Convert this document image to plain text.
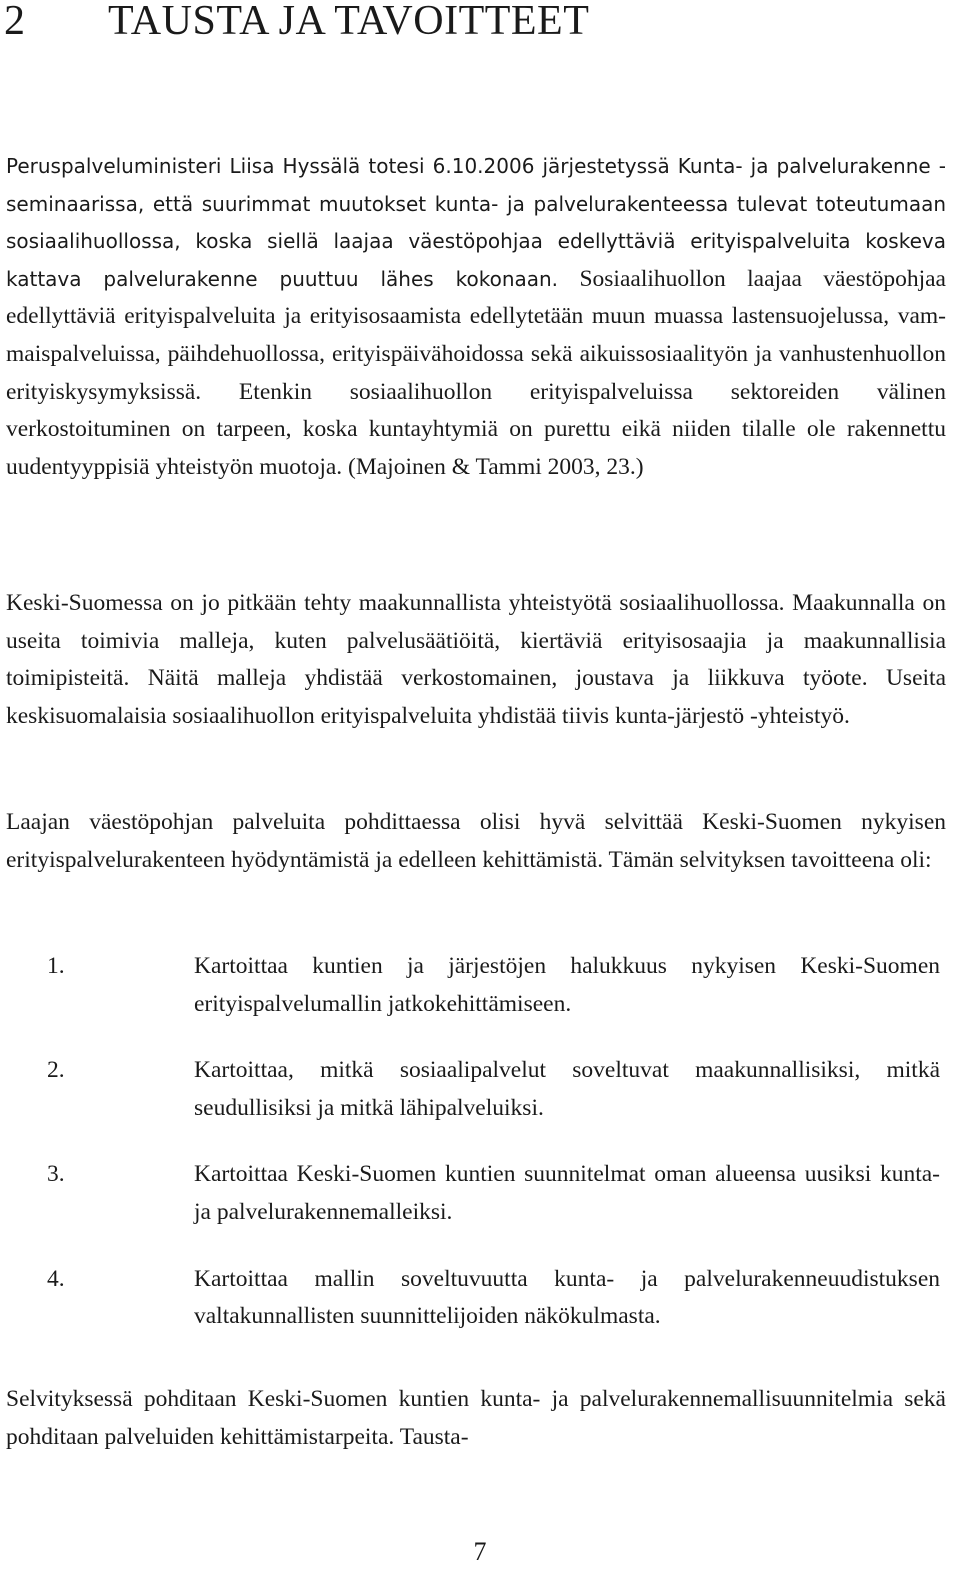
2 TAUSTA JA TAVOITTEET

Peruspalveluministeri Liisa Hyssälä totesi 6.10.2006 järjestetyssä Kunta- ja palvelurakenne -seminaarissa, että suurimmat muutokset kunta- ja palvelurakenteessa tulevat toteutumaan sosiaalihuollossa, koska siellä laajaa väestöpohjaa edellyttäviä erityispalveluita koskeva kattava palvelurakenne puuttuu lähes kokonaan. Sosiaalihuollon laajaa väestöpohjaa edellyttäviä erityispalveluita ja erityisosaamista edellytetään muun muassa lastensuojelussa, vammaispalveluissa, päihdehuollossa, erityispäivähoidossa sekä aikuissosiaalityön ja vanhustenhuollon erityiskysymyksissä. Etenkin sosiaalihuollon erityispalveluissa sektoreiden välinen verkostoituminen on tarpeen, koska kuntayhtymiä on purettu eikä niiden tilalle ole rakennettu uudentyyppisiä yhteistyön muotoja. (Majoinen & Tammi 2003, 23.)

Keski-Suomessa on jo pitkään tehty maakunnallista yhteistyötä sosiaalihuollossa. Maakunnalla on useita toimivia malleja, kuten palvelusäätiöitä, kiertäviä erityisosaajia ja maakunnallisia toimipisteitä. Näitä malleja yhdistää verkostomainen, joustava ja liikkuva työote. Useita keskisuomalaisia sosiaalihuollon erityispalveluita yhdistää tiivis kunta-järjestö -yhteistyö.

Laajan väestöpohjan palveluita pohdittaessa olisi hyvä selvittää Keski-Suomen nykyisen erityispalvelurakenteen hyödyntämistä ja edelleen kehittämistä. Tämän selvityksen tavoitteena oli:

1.	Kartoittaa kuntien ja järjestöjen halukkuus nykyisen Keski-Suomen erityispalvelumallin jatkokehittämiseen.
2.	Kartoittaa, mitkä sosiaalipalvelut soveltuvat maakunnallisiksi, mitkä seudullisiksi ja mitkä lähipalveluiksi.
3.	Kartoittaa Keski-Suomen kuntien suunnitelmat oman alueensa uusiksi kunta- ja palvelurakennemalleiksi.
4.	Kartoittaa mallin soveltuvuutta kunta- ja palvelurakenneuudistuksen valtakunnallisten suunnittelijoiden näkökulmasta.

Selvityksessä pohditaan Keski-Suomen kuntien kunta- ja palvelurakennemallisuunnitelmia sekä pohditaan palveluiden kehittämistarpeita. Tausta-

7
